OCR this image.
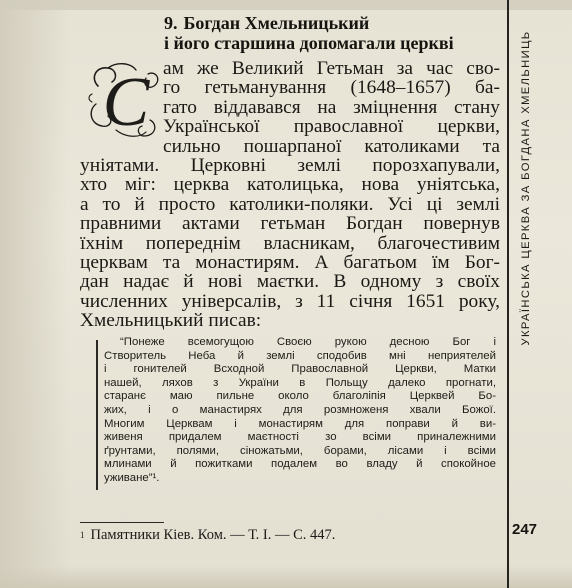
9. Богдан Хмельницький
і його старшина допомагали церкві
С ам же Великий Гетьман за час сво-
го гетьманування (1648–1657) ба-
гато віддавався на зміцнення стану
Української православної церкви,
сильно пошарпаної католиками та
уніятами. Церковні землі порозхапували,
хто міг: церква католицька, нова уніятська,
а то й просто католики-поляки. Усі ці землі
правними актами гетьман Богдан повернув
їхнім попереднім власникам, благочестивим
церквам та монастирям. А багатьом їм Бог-
дан надає й нові маєтки. В одному з своїх
численних універсалів, з 11 січня 1651 року,
Хмельницький писав:

“Понеже всемогущою Своєю рукою десною Бог і
Створитель Неба й землі сподобив мні неприятелей
і гонителей Всходной Православной Церкви, Матки
нашей, ляхов з України в Польщу далеко прогнати,
старанє маю пильне около благоліпія Церквей Бо-
жих, і о манастирях для розмноженя хвали Божої.
Многим Церквам і монастирям для поправи й ви-
живеня придалем маєтності зо всіми приналежними
ґрунтами, полями, сіножатьми, борами, лісами і всіми
млинами й пожитками подалем во владу й спокойное
уживане”¹.

$^1$ Памятники Кіев. Ком. — Т. І. — С. 447.

УКРАЇНСЬКА ЦЕРКВА ЗА БОГДАНА ХМЕЛЬНИЦЬ

247
